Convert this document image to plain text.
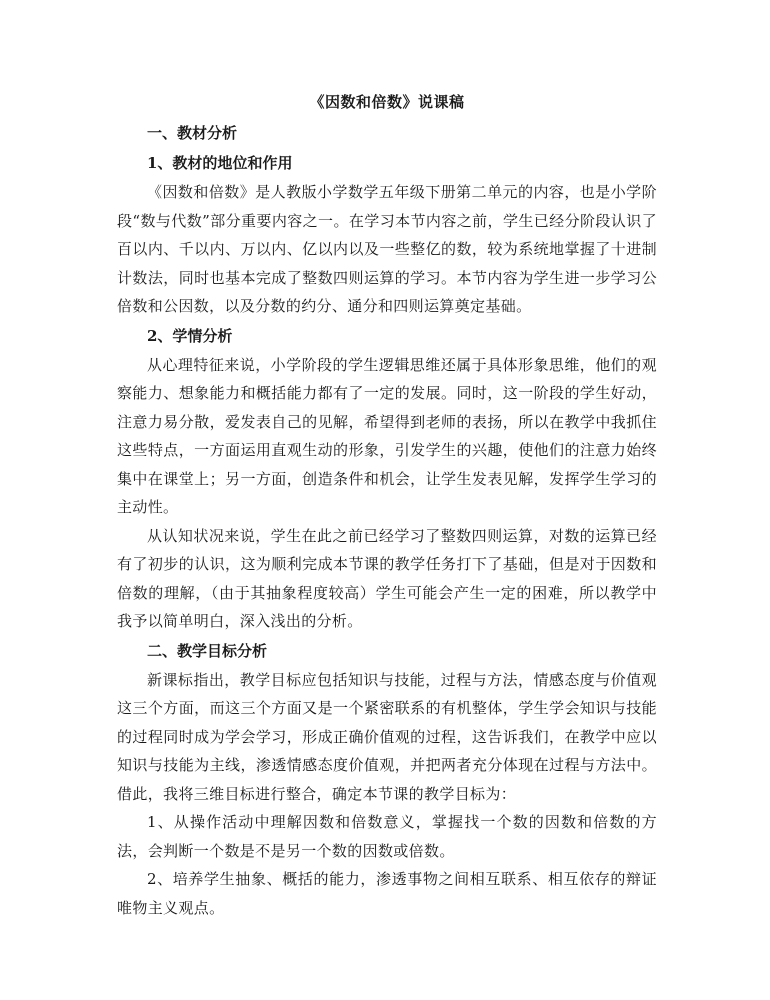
《因数和倍数》说课稿

一、教材分析

1、教材的地位和作用

《因数和倍数》是人教版小学数学五年级下册第二单元的内容，也是小学阶段“数与代数”部分重要内容之一。在学习本节内容之前，学生已经分阶段认识了百以内、千以内、万以内、亿以内以及一些整亿的数，较为系统地掌握了十进制计数法，同时也基本完成了整数四则运算的学习。本节内容为学生进一步学习公倍数和公因数，以及分数的约分、通分和四则运算奠定基础。

2、学情分析

从心理特征来说，小学阶段的学生逻辑思维还属于具体形象思维，他们的观察能力、想象能力和概括能力都有了一定的发展。同时，这一阶段的学生好动，注意力易分散，爱发表自己的见解，希望得到老师的表扬，所以在教学中我抓住这些特点，一方面运用直观生动的形象，引发学生的兴趣，使他们的注意力始终集中在课堂上；另一方面，创造条件和机会，让学生发表见解，发挥学生学习的主动性。

从认知状况来说，学生在此之前已经学习了整数四则运算，对数的运算已经有了初步的认识，这为顺利完成本节课的教学任务打下了基础，但是对于因数和倍数的理解，（由于其抽象程度较高）学生可能会产生一定的困难，所以教学中我予以简单明白，深入浅出的分析。

二、教学目标分析

新课标指出，教学目标应包括知识与技能，过程与方法，情感态度与价值观这三个方面，而这三个方面又是一个紧密联系的有机整体，学生学会知识与技能的过程同时成为学会学习，形成正确价值观的过程，这告诉我们，在教学中应以知识与技能为主线，渗透情感态度价值观，并把两者充分体现在过程与方法中。借此，我将三维目标进行整合，确定本节课的教学目标为：

1、从操作活动中理解因数和倍数意义，掌握找一个数的因数和倍数的方法，会判断一个数是不是另一个数的因数或倍数。

2、培养学生抽象、概括的能力，渗透事物之间相互联系、相互依存的辩证唯物主义观点。
